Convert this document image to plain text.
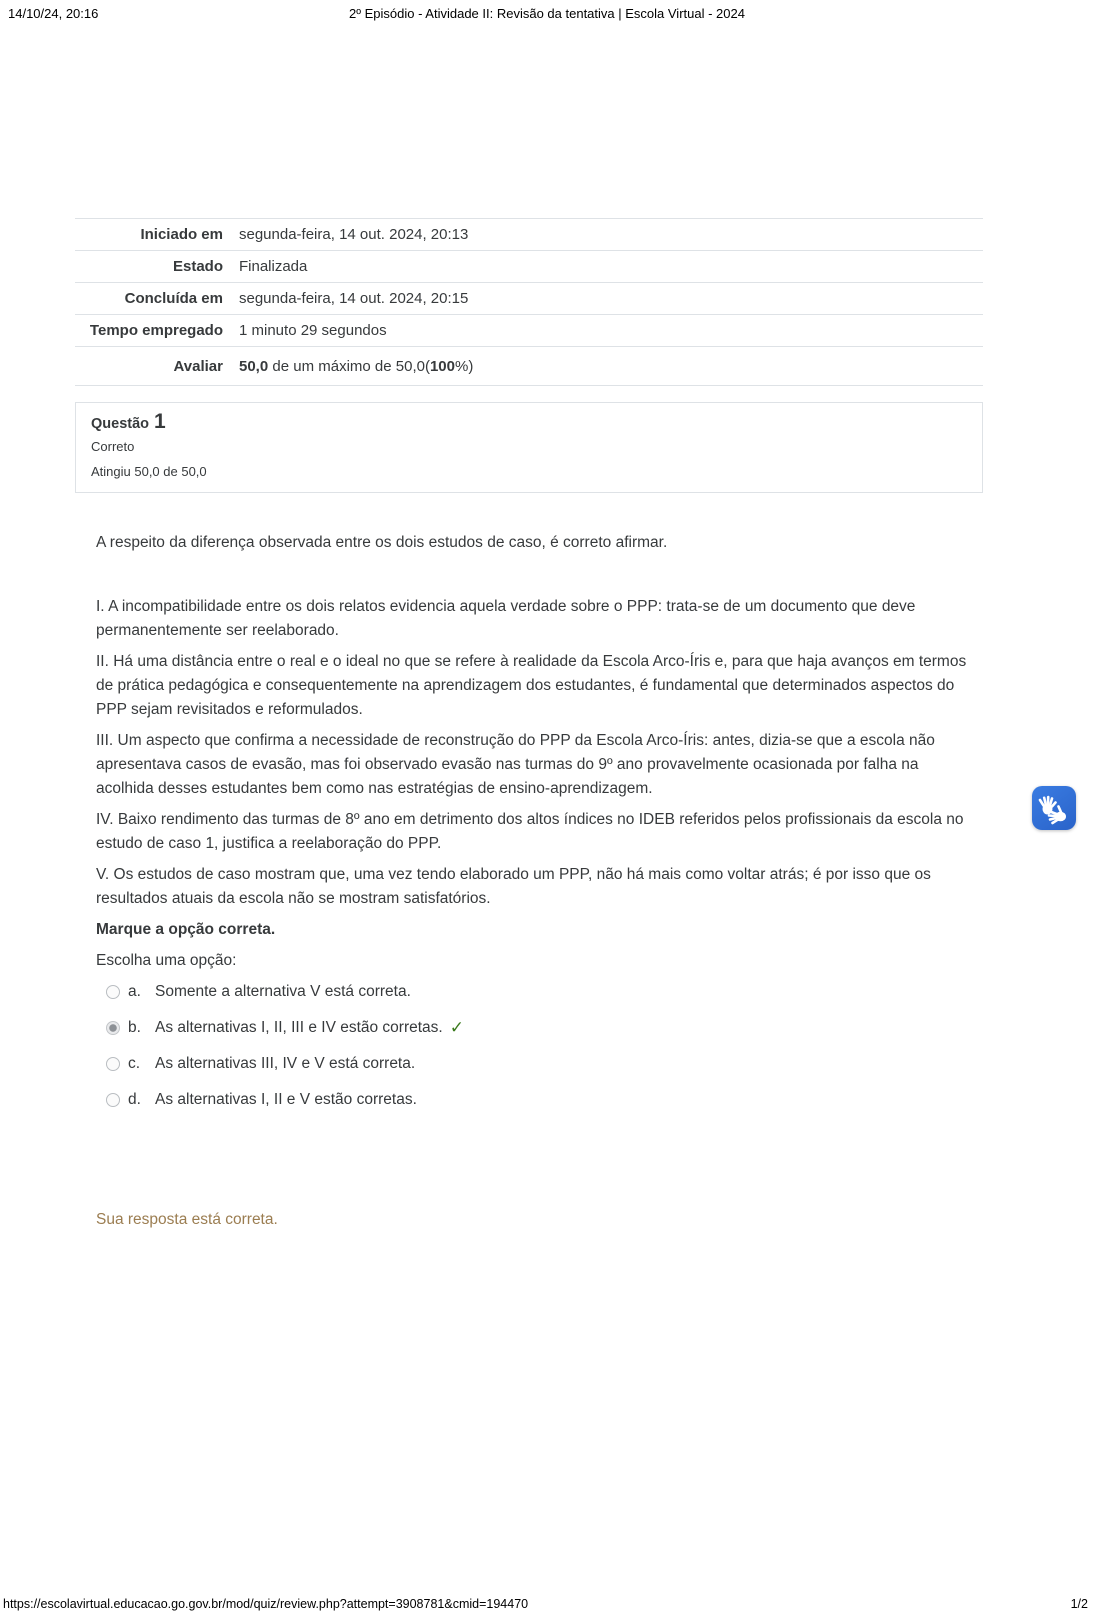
14/10/24, 20:16	2º Episódio - Atividade II: Revisão da tentativa | Escola Virtual - 2024
Iniciado em	segunda-feira, 14 out. 2024, 20:13
Estado	Finalizada
Concluída em	segunda-feira, 14 out. 2024, 20:15
Tempo empregado	1 minuto 29 segundos
Avaliar	50,0 de um máximo de 50,0(100%)
Questão 1
Correto
Atingiu 50,0 de 50,0

A respeito da diferença observada entre os dois estudos de caso, é correto afirmar.

I. A incompatibilidade entre os dois relatos evidencia aquela verdade sobre o PPP: trata-se de um documento que deve permanentemente ser reelaborado.

II. Há uma distância entre o real e o ideal no que se refere à realidade da Escola Arco-Íris e, para que haja avanços em termos de prática pedagógica e consequentemente na aprendizagem dos estudantes, é fundamental que determinados aspectos do PPP sejam revisitados e reformulados.

III. Um aspecto que confirma a necessidade de reconstrução do PPP da Escola Arco-Íris: antes, dizia-se que a escola não apresentava casos de evasão, mas foi observado evasão nas turmas do 9º ano provavelmente ocasionada por falha na acolhida desses estudantes bem como nas estratégias de ensino-aprendizagem.

IV. Baixo rendimento das turmas de 8º ano em detrimento dos altos índices no IDEB referidos pelos profissionais da escola no estudo de caso 1, justifica a reelaboração do PPP.

V. Os estudos de caso mostram que, uma vez tendo elaborado um PPP, não há mais como voltar atrás; é por isso que os resultados atuais da escola não se mostram satisfatórios.

Marque a opção correta.

Escolha uma opção:

a. Somente a alternativa V está correta.
b. As alternativas I, II, III e IV estão corretas. ✓
c. As alternativas III, IV e V está correta.
d. As alternativas I, II e V estão corretas.
Sua resposta está correta.
https://escolavirtual.educacao.go.gov.br/mod/quiz/review.php?attempt=3908781&cmid=194470	1/2
